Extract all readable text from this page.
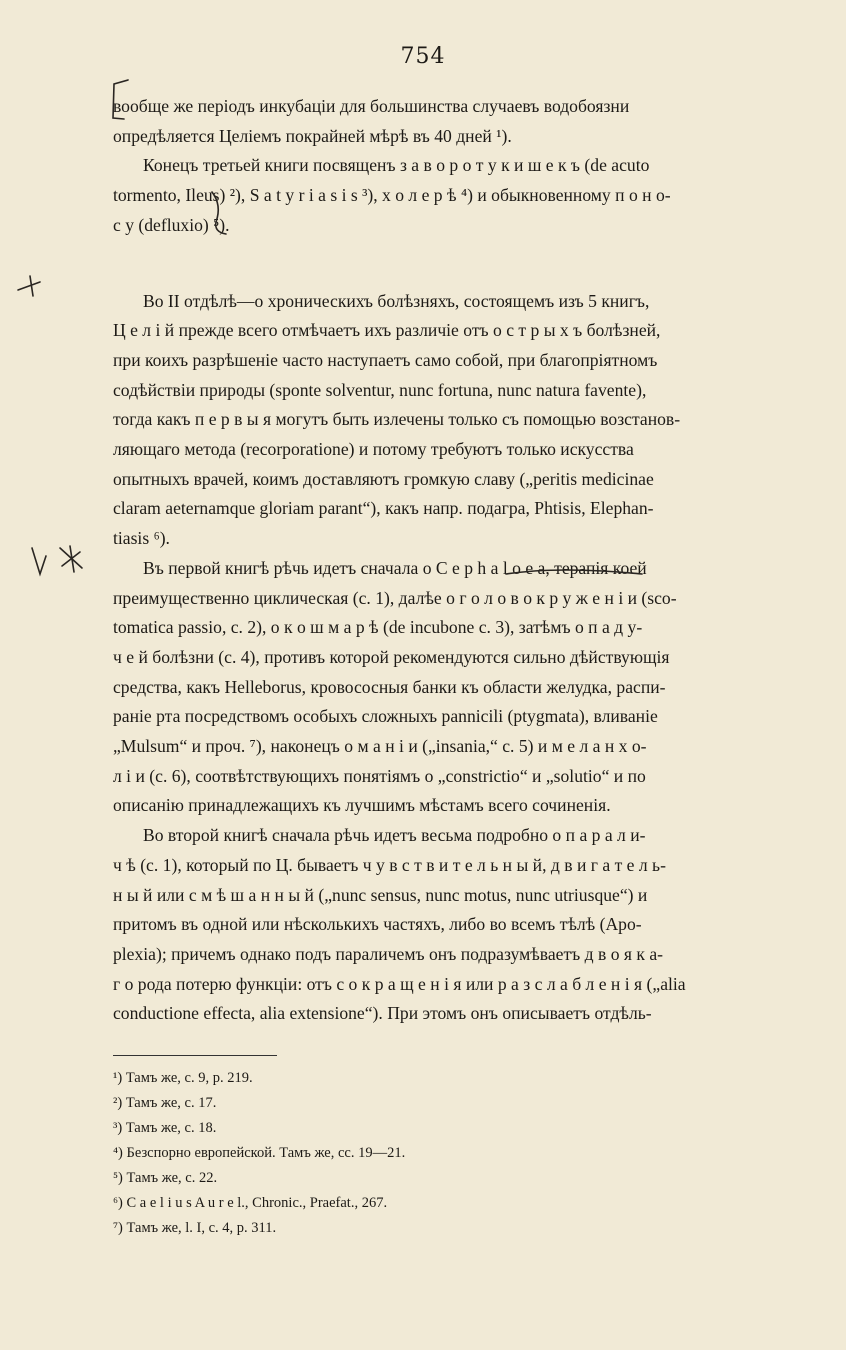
754
вообще же періодъ инкубаціи для большинства случаевъ водобоязни
опредѣляется Целіемъ покрайней мѣрѣ въ 40 дней ¹).
Конецъ третьей книги посвященъ з а в о р о т у к и ш е к ъ (de acuto
tormento, Ileus) ²), S a t y r i a s i s ³), х о л е р ѣ ⁴) и обыкновенному п о н о-
с у (defluxio) ⁵).
Во II отдѣлѣ—о хроническихъ болѣзняхъ, состоящемъ изъ 5 книгъ,
Ц е л і й прежде всего отмѣчаетъ ихъ различіе отъ о с т р ы х ъ болѣзней,
при коихъ разрѣшеніе часто наступаетъ само собой, при благопріятномъ
содѣйствіи природы (sponte solventur, nunc fortuna, nunc natura favente),
тогда какъ п е р в ы я могутъ быть излечены только съ помощью возстанов-
ляющаго метода (recorporatione) и потому требуютъ только искусства
опытныхъ врачей, коимъ доставляютъ громкую славу („peritis medicinae
claram aeternamque gloriam parant“), какъ напр. подагра, Phtisis, Elephan-
tiasis ⁶).
Въ первой книгѣ рѣчь идетъ сначала о C e p h a l o e a, терапія коей
преимущественно циклическая (с. 1), далѣе о г о л о в о к р у ж е н і и (sco-
tomatica passio, с. 2), о к о ш м а р ѣ (de incubone с. 3), затѣмъ о п а д у-
ч е й болѣзни (с. 4), противъ которой рекомендуются сильно дѣйствующія
средства, какъ Helleborus, кровососныя банки къ области желудка, распи-
раніе рта посредствомъ особыхъ сложныхъ pannicili (ptygmata), вливаніе
„Mulsum“ и проч. ⁷), наконецъ о м а н і и („insania,“ с. 5) и м е л а н х о-
л і и (с. 6), соотвѣтствующихъ понятіямъ о „constrictio“ и „solutio“ и по
описанію принадлежащихъ къ лучшимъ мѣстамъ всего сочиненія.
Во второй книгѣ сначала рѣчь идетъ весьма подробно о п а р а л и-
ч ѣ (с. 1), который по Ц. бываетъ ч у в с т в и т е л ь н ы й, д в и г а т е л ь-
н ы й или с м ѣ ш а н н ы й („nunc sensus, nunc motus, nunc utriusque“) и
притомъ въ одной или нѣсколькихъ частяхъ, либо во всемъ тѣлѣ (Apo-
plexia); причемъ однако подъ параличемъ онъ подразумѣваетъ д в о я к а-
г о рода потерю функціи: отъ с о к р а щ е н і я или р а з с л а б л е н і я („alia
conductione effecta, alia extensione“). При этомъ онъ описываетъ отдѣль-
¹) Тамъ же, с. 9, р. 219.
²) Тамъ же, с. 17.
³) Тамъ же, с. 18.
⁴) Безспорно европейской. Тамъ же, сс. 19—21.
⁵) Тамъ же, с. 22.
⁶) C a e l i u s A u r e l., Chronic., Praefat., 267.
⁷) Тамъ же, l. I, c. 4, p. 311.
